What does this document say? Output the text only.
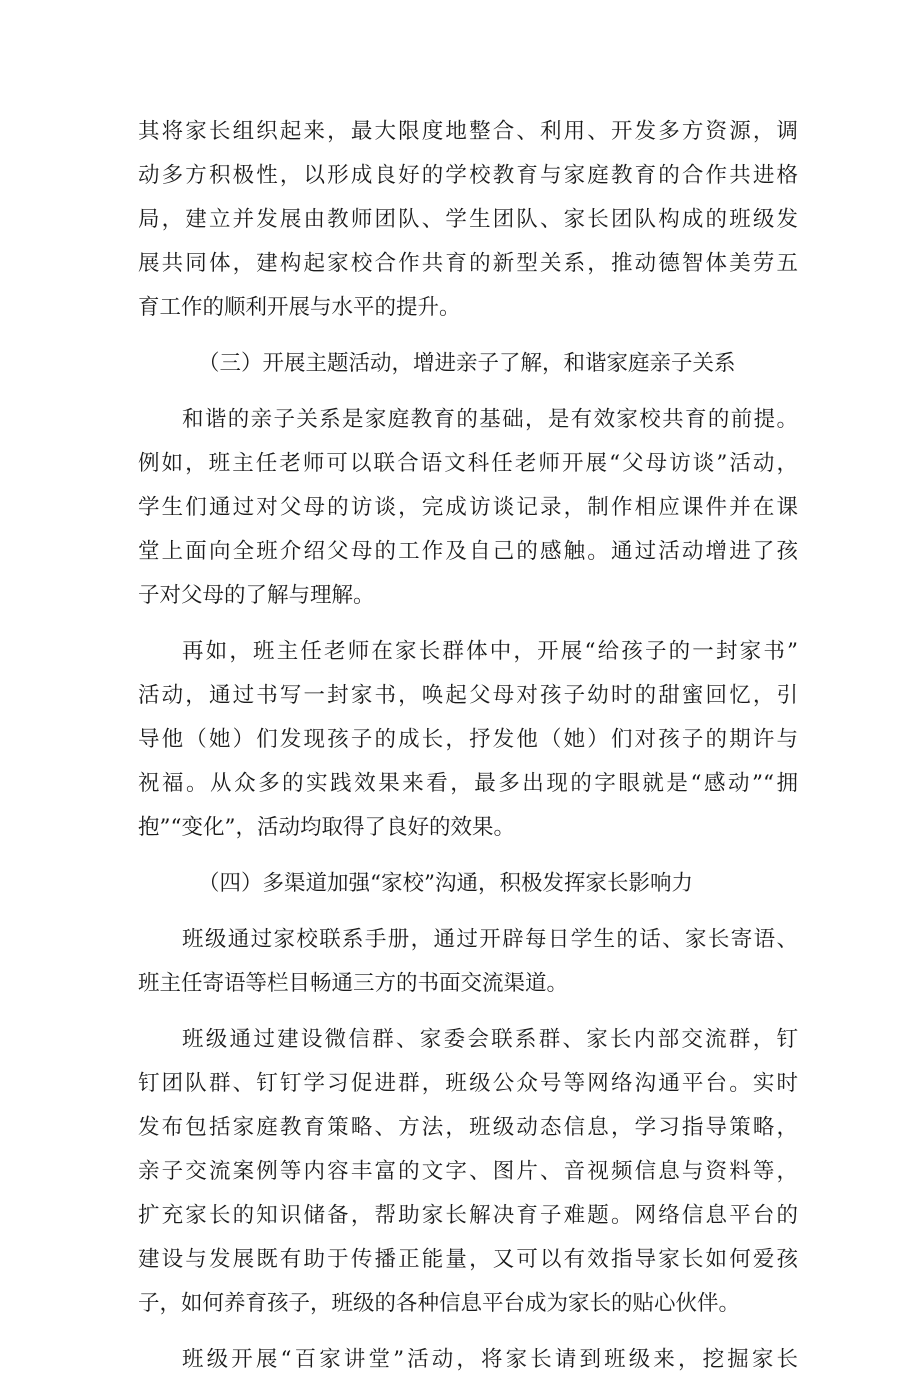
其将家长组织起来，最大限度地整合、利用、开发多方资源，调
动多方积极性，以形成良好的学校教育与家庭教育的合作共进格
局，建立并发展由教师团队、学生团队、家长团队构成的班级发
展共同体，建构起家校合作共育的新型关系，推动德智体美劳五
育工作的顺利开展与水平的提升。
（三）开展主题活动，增进亲子了解，和谐家庭亲子关系
和谐的亲子关系是家庭教育的基础，是有效家校共育的前提。
例如，班主任老师可以联合语文科任老师开展“父母访谈”活动，
学生们通过对父母的访谈，完成访谈记录，制作相应课件并在课
堂上面向全班介绍父母的工作及自己的感触。通过活动增进了孩
子对父母的了解与理解。
再如，班主任老师在家长群体中，开展“给孩子的一封家书”
活动，通过书写一封家书，唤起父母对孩子幼时的甜蜜回忆，引
导他（她）们发现孩子的成长，抒发他（她）们对孩子的期许与
祝福。从众多的实践效果来看，最多出现的字眼就是“感动”“拥
抱”“变化”，活动均取得了良好的效果。
（四）多渠道加强“家校”沟通，积极发挥家长影响力
班级通过家校联系手册，通过开辟每日学生的话、家长寄语、
班主任寄语等栏目畅通三方的书面交流渠道。
班级通过建设微信群、家委会联系群、家长内部交流群，钉
钉团队群、钉钉学习促进群，班级公众号等网络沟通平台。实时
发布包括家庭教育策略、方法，班级动态信息，学习指导策略，
亲子交流案例等内容丰富的文字、图片、音视频信息与资料等，
扩充家长的知识储备，帮助家长解决育子难题。网络信息平台的
建设与发展既有助于传播正能量，又可以有效指导家长如何爱孩
子，如何养育孩子，班级的各种信息平台成为家长的贴心伙伴。
班级开展“百家讲堂”活动，将家长请到班级来，挖掘家长
